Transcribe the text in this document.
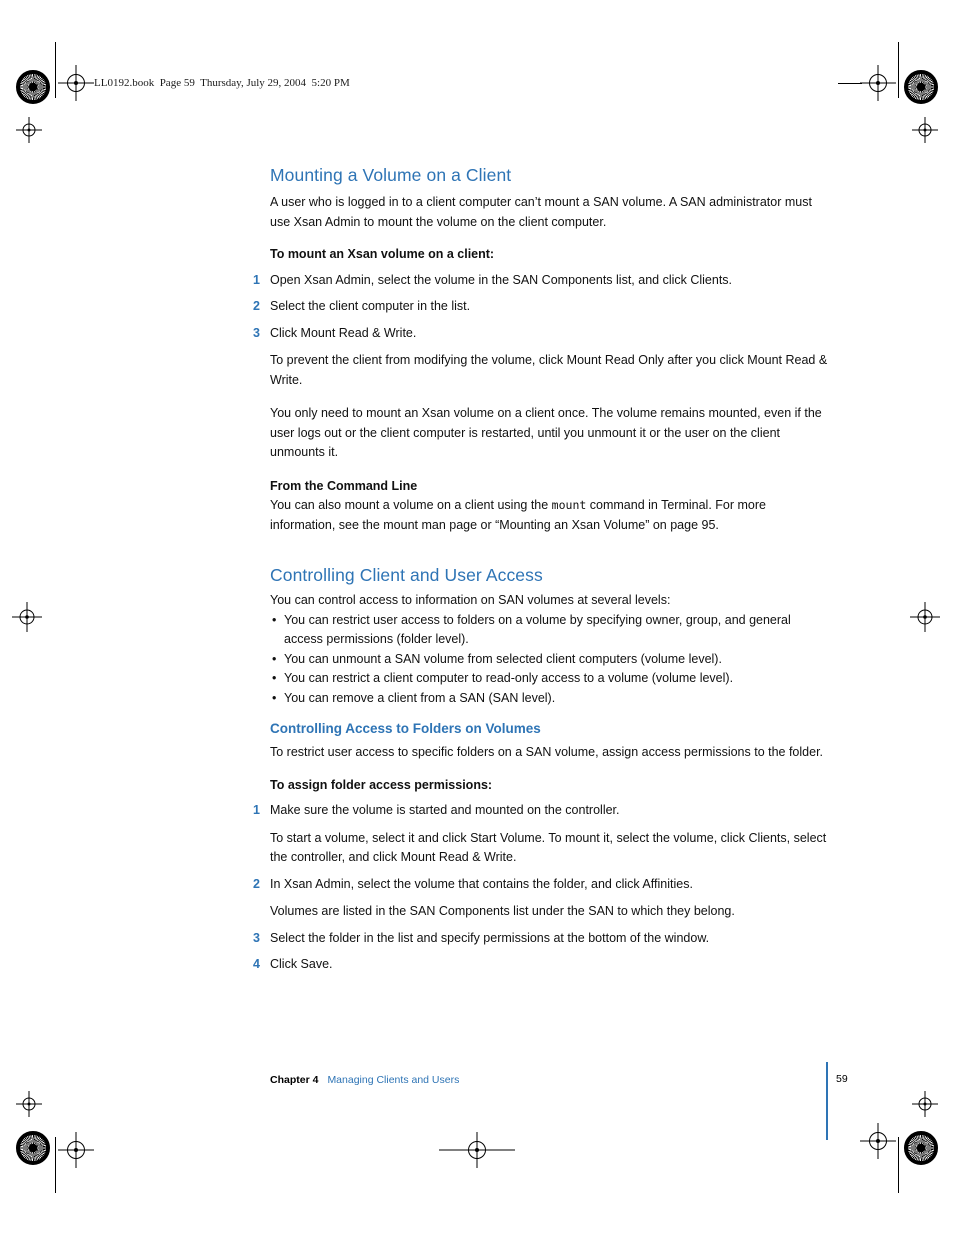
LL0192.book  Page 59  Thursday, July 29, 2004  5:20 PM
Mounting a Volume on a Client

A user who is logged in to a client computer can’t mount a SAN volume. A SAN administrator must use Xsan Admin to mount the volume on the client computer.

To mount an Xsan volume on a client:

1 Open Xsan Admin, select the volume in the SAN Components list, and click Clients.

2 Select the client computer in the list.

3 Click Mount Read & Write.

To prevent the client from modifying the volume, click Mount Read Only after you click Mount Read & Write.

You only need to mount an Xsan volume on a client once. The volume remains mounted, even if the user logs out or the client computer is restarted, until you unmount it or the user on the client unmounts it.

From the Command Line

You can also mount a volume on a client using the mount command in Terminal. For more information, see the mount man page or “Mounting an Xsan Volume” on page 95.

Controlling Client and User Access

You can control access to information on SAN volumes at several levels:

• You can restrict user access to folders on a volume by specifying owner, group, and general access permissions (folder level).
• You can unmount a SAN volume from selected client computers (volume level).
• You can restrict a client computer to read-only access to a volume (volume level).
• You can remove a client from a SAN (SAN level).
Controlling Access to Folders on Volumes

To restrict user access to specific folders on a SAN volume, assign access permissions to the folder.

To assign folder access permissions:

1 Make sure the volume is started and mounted on the controller.

To start a volume, select it and click Start Volume. To mount it, select the volume, click Clients, select the controller, and click Mount Read & Write.

2 In Xsan Admin, select the volume that contains the folder, and click Affinities.

Volumes are listed in the SAN Components list under the SAN to which they belong.

3 Select the folder in the list and specify permissions at the bottom of the window.

4 Click Save.

Chapter 4 Managing Clients and Users	59
